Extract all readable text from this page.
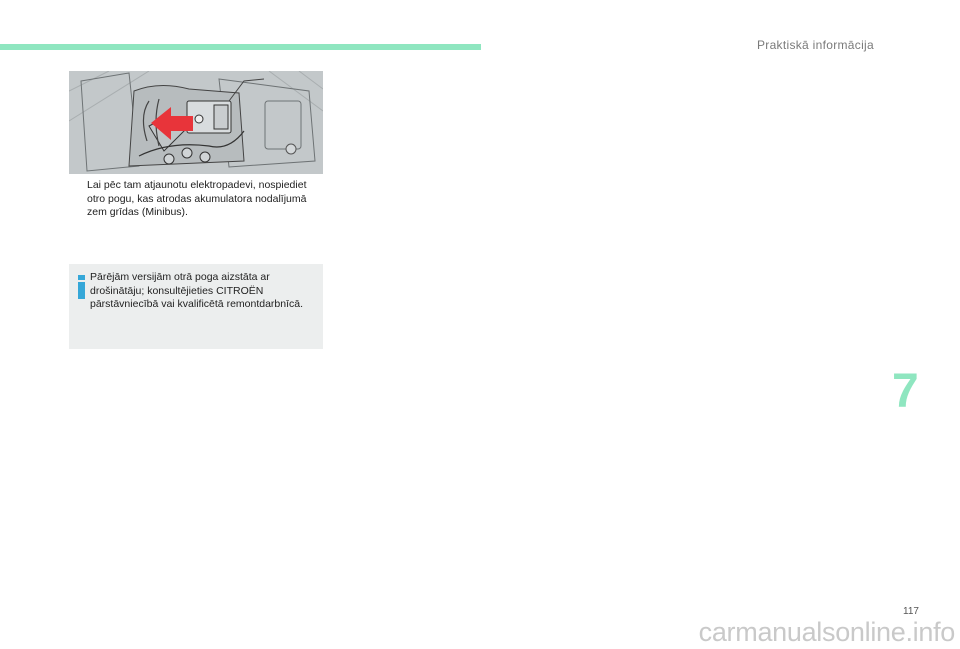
Praktiskā informācija
Lai pēc tam atjaunotu elektropadevi, nospiediet otro pogu, kas atrodas akumulatora nodalījumā zem grīdas (Minibus).
Pārējām versijām otrā poga aizstāta ar drošinātāju; konsultējieties CITROËN pārstāvniecībā vai kvalificētā remontdarbnīcā.
7
117
carmanualsonline.info
